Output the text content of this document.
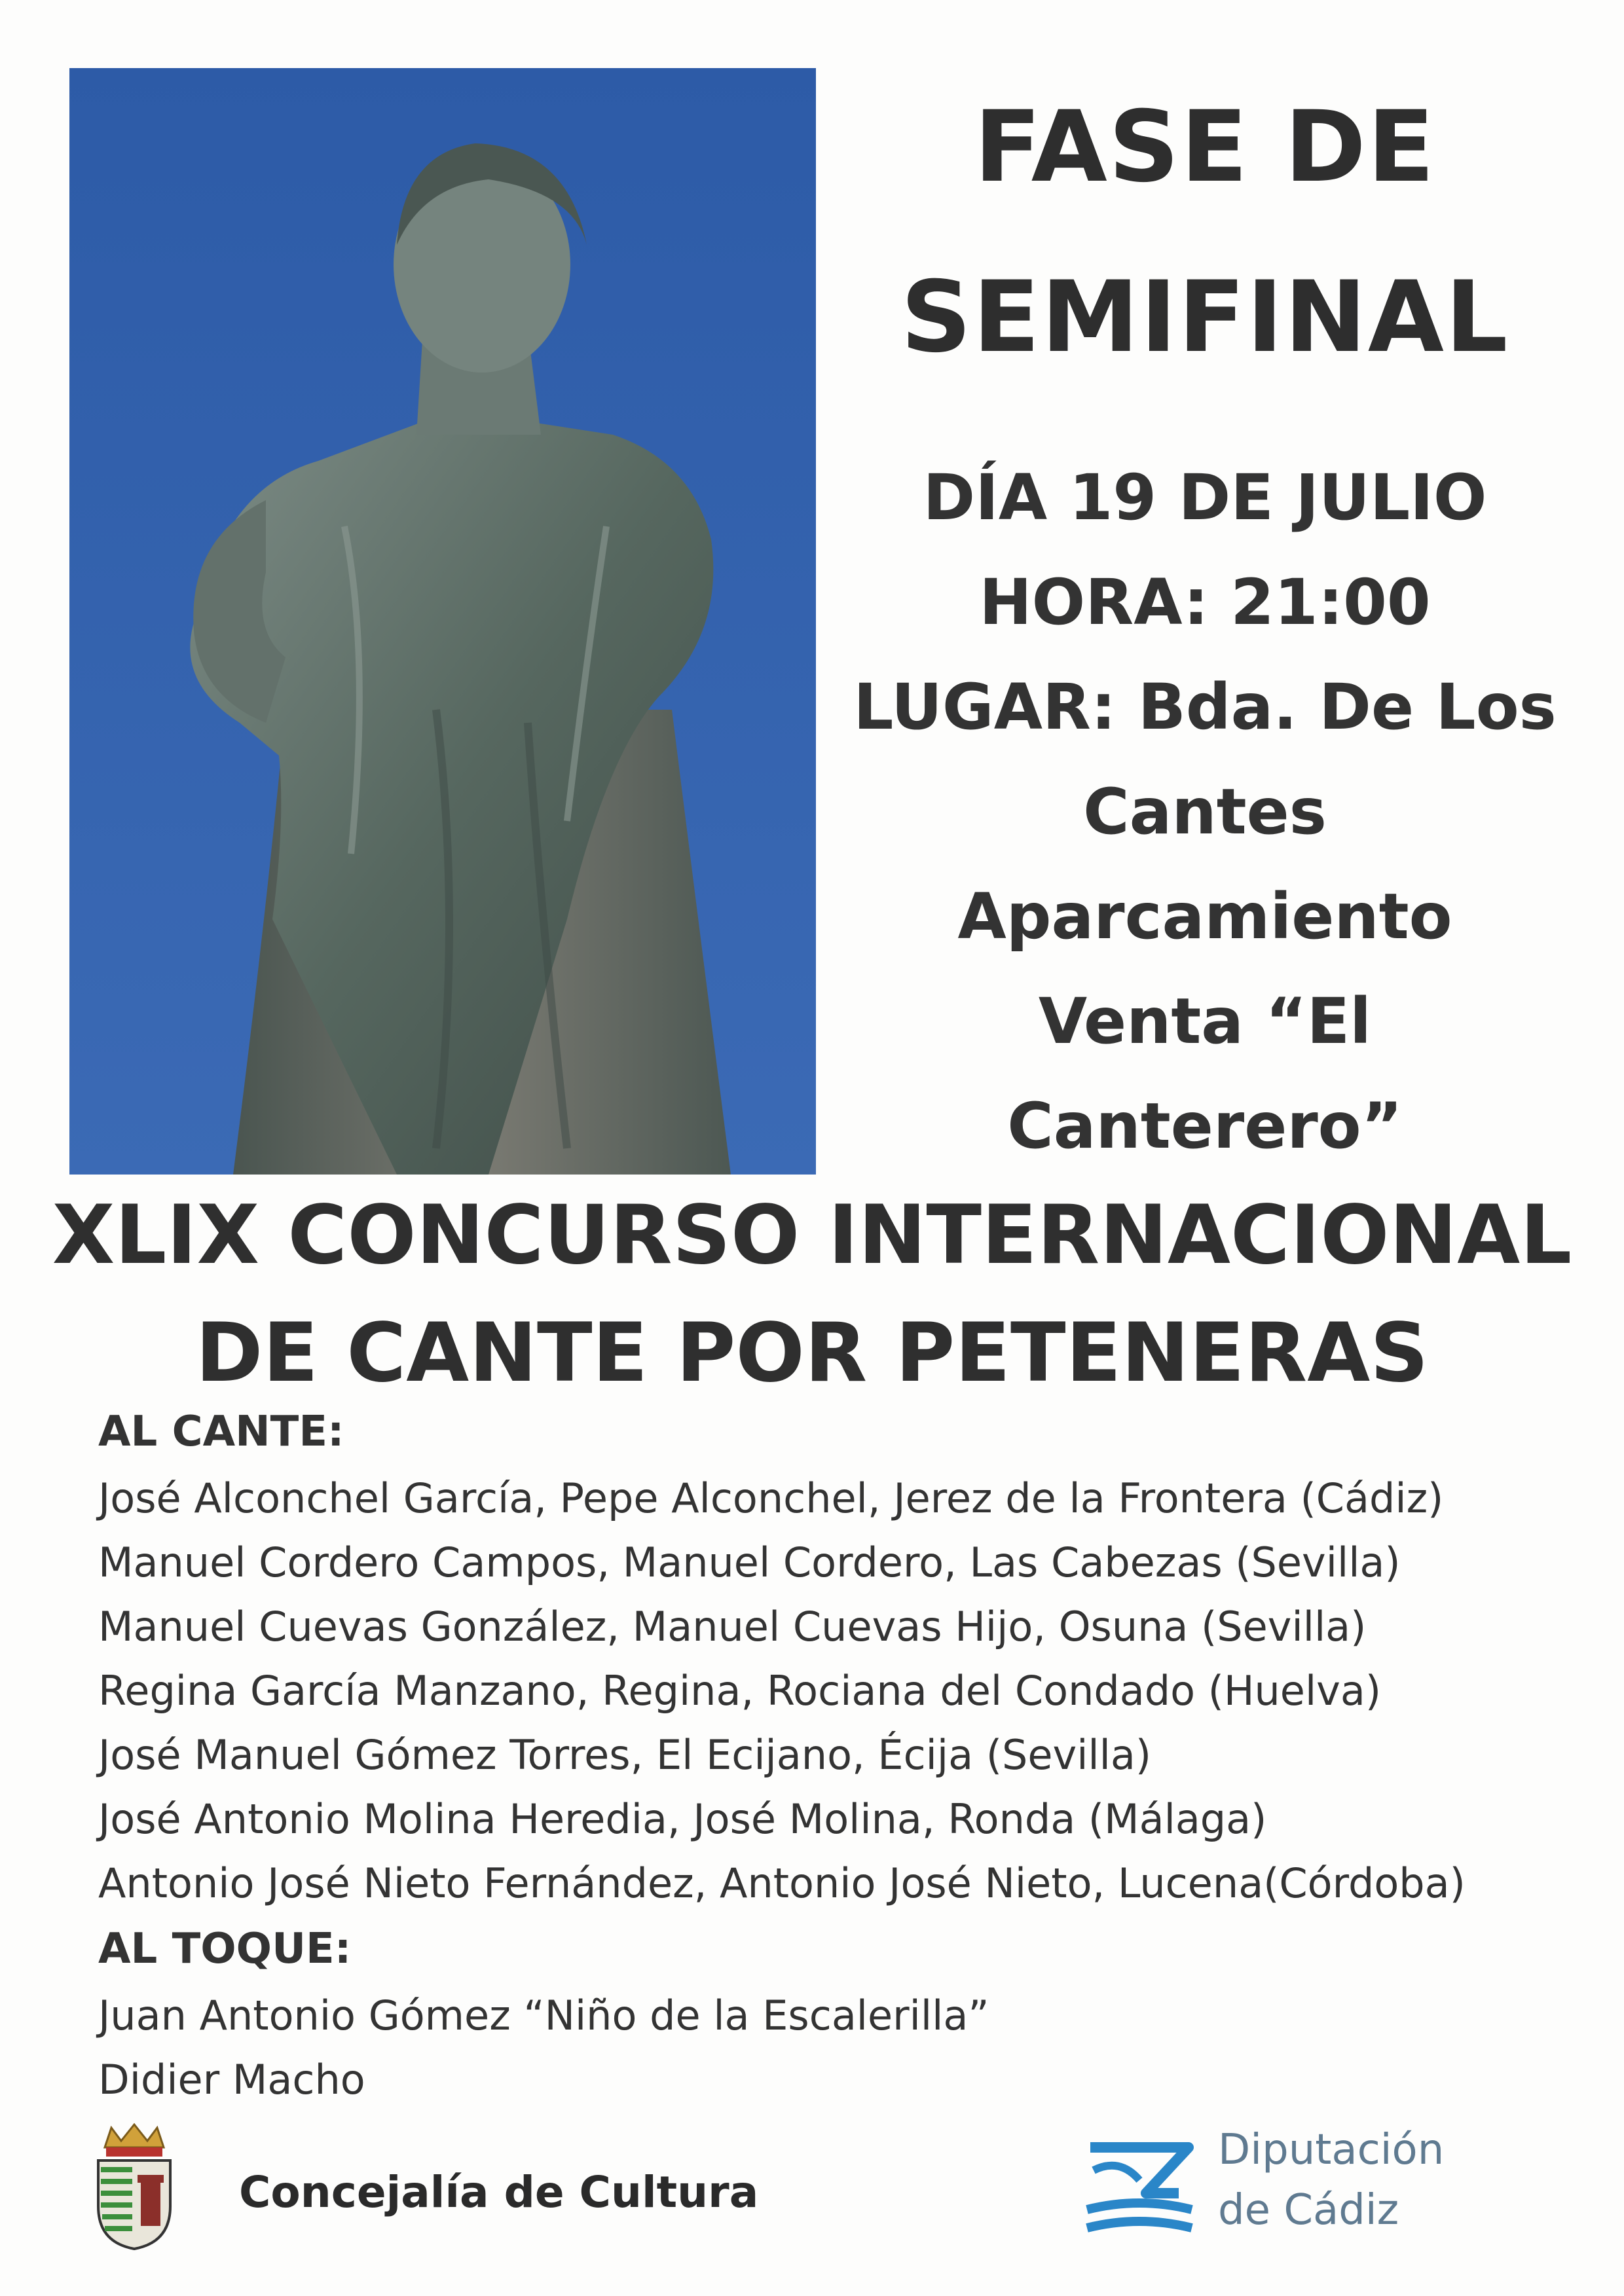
FASE DE
SEMIFINAL
DÍA 19 DE JULIO
HORA: 21:00
LUGAR: Bda. De Los
Cantes
Aparcamiento
Venta “El
Canterero”
XLIX CONCURSO INTERNACIONAL
DE CANTE POR PETENERAS
AL CANTE:
José Alconchel García, Pepe Alconchel, Jerez de la Frontera (Cádiz)
Manuel Cordero Campos, Manuel Cordero, Las Cabezas (Sevilla)
Manuel Cuevas González, Manuel Cuevas Hijo, Osuna (Sevilla)
Regina García Manzano, Regina, Rociana del Condado (Huelva)
José Manuel Gómez Torres, El Ecijano, Écija (Sevilla)
José Antonio Molina Heredia, José Molina, Ronda (Málaga)
Antonio José Nieto Fernández, Antonio José Nieto, Lucena(Córdoba)
AL TOQUE:
Juan Antonio Gómez “Niño de la Escalerilla”
Didier Macho
Concejalía de Cultura
Diputación
de Cádiz
